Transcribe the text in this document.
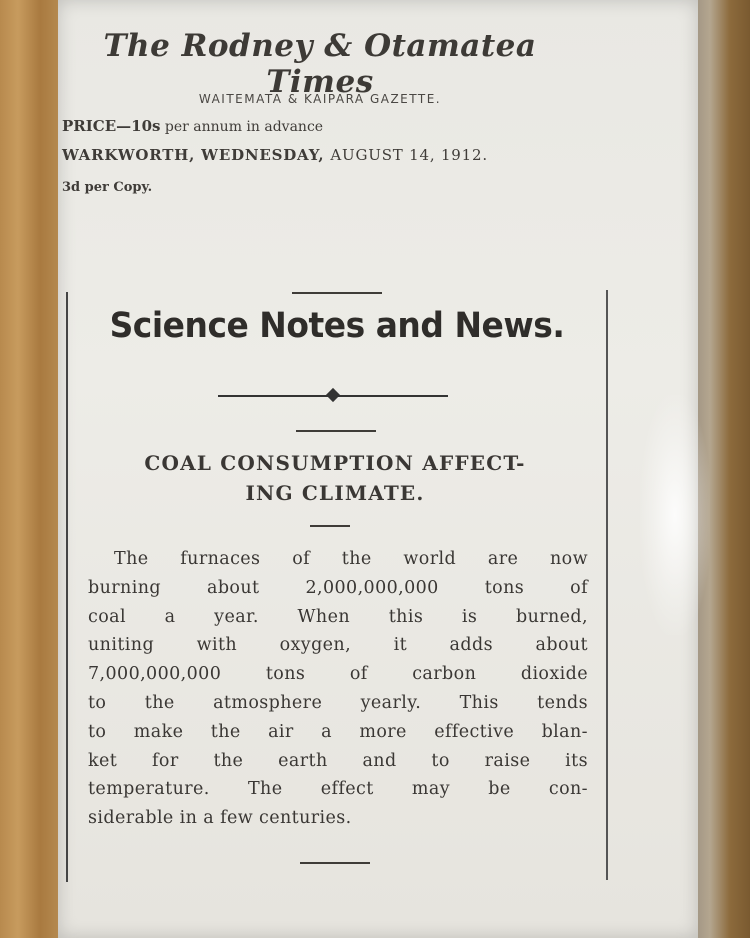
The Rodney & Otamatea Times
WAITEMATA & KAIPARA GAZETTE.
PRICE—10s per annum in advance
WARKWORTH, WEDNESDAY, AUGUST 14, 1912.
3d per Copy.
Science Notes and News.
COAL CONSUMPTION AFFECT-
ING CLIMATE.
The furnaces of the world are now
burning about 2,000,000,000 tons of
coal a year. When this is burned,
uniting with oxygen, it adds about
7,000,000,000 tons of carbon dioxide
to the atmosphere yearly. This tends
to make the air a more effective blan-
ket for the earth and to raise its
temperature. The effect may be con-
siderable in a few centuries.
